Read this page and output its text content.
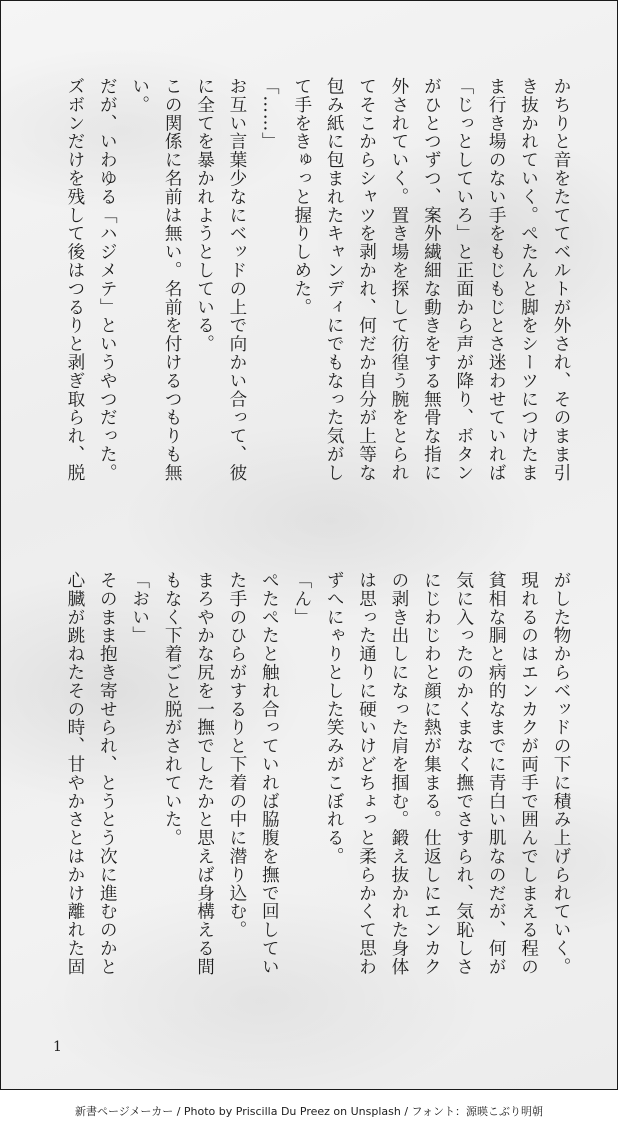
かちりと音をたててベルトが外され、そのまま引

き抜かれていく。ぺたんと脚をシーツにつけたま

ま行き場のない手をもじもじとさ迷わせていれば

「じっとしていろ」と正面から声が降り、ボタン

がひとつずつ、案外繊細な動きをする無骨な指に

外されていく。置き場を探して彷徨う腕をとられ

てそこからシャツを剥かれ、何だか自分が上等な

包み紙に包まれたキャンディにでもなった気がし

て手をきゅっと握りしめた。

「……」

お互い言葉少なにベッドの上で向かい合って、彼

に全てを暴かれようとしている。

この関係に名前は無い。名前を付けるつもりも無

い。

だが、いわゆる「ハジメテ」というやつだった。

ズボンだけを残して後はつるりと剥ぎ取られ、脱

がした物からベッドの下に積み上げられていく。

現れるのはエンカクが両手で囲んでしまえる程の

貧相な胴と病的なまでに青白い肌なのだが、何が

気に入ったのかくまなく撫でさすられ、気恥しさ

にじわじわと顔に熱が集まる。仕返しにエンカク

の剥き出しになった肩を掴む。鍛え抜かれた身体

は思った通りに硬いけどちょっと柔らかくて思わ

ずへにゃりとした笑みがこぼれる。

「ん」

ぺたぺたと触れ合っていれば脇腹を撫で回してい

た手のひらがするりと下着の中に潜り込む。

まろやかな尻を一撫でしたかと思えば身構える間

もなく下着ごと脱がされていた。

「おい」

そのまま抱き寄せられ、とうとう次に進むのかと

心臓が跳ねたその時、甘やかさとはかけ離れた固

1
新書ページメーカー / Photo by Priscilla Du Preez on Unsplash / フォント：源暎こぶり明朝
